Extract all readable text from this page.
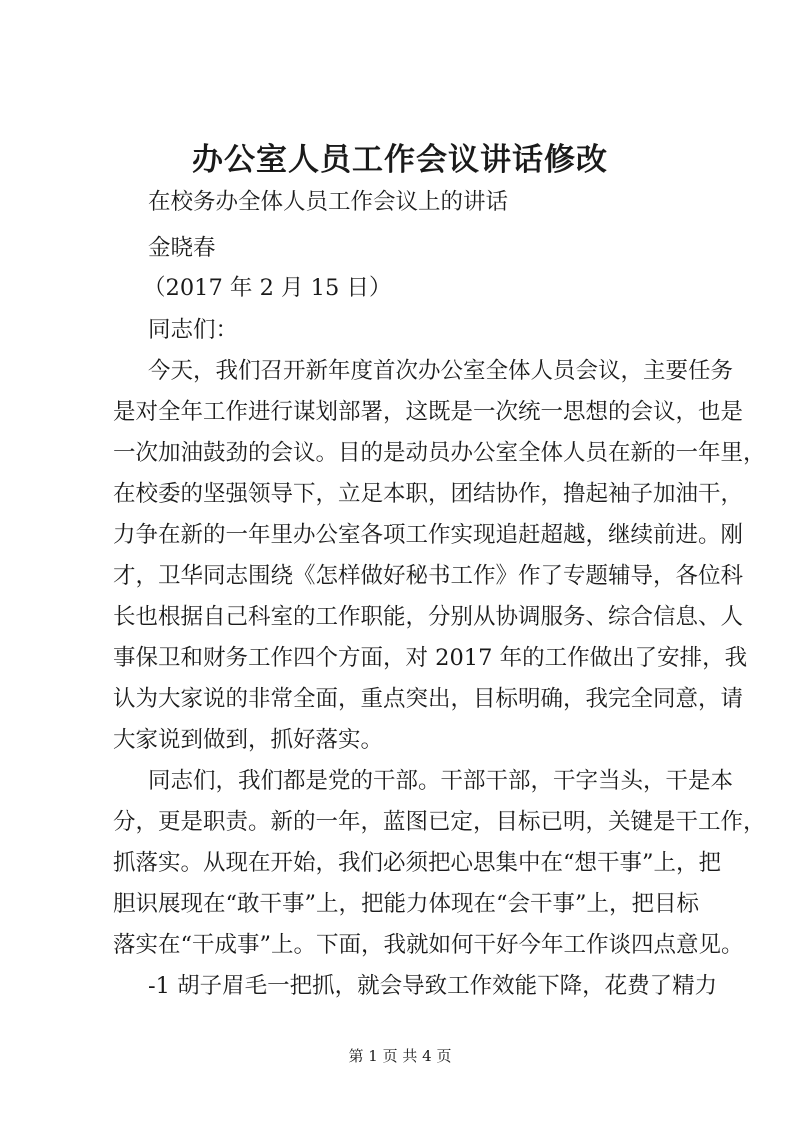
办公室人员工作会议讲话修改
在校务办全体人员工作会议上的讲话
金晓春
（2017 年 2 月 15 日）
同志们：
今天，我们召开新年度首次办公室全体人员会议，主要任务
是对全年工作进行谋划部署，这既是一次统一思想的会议，也是
一次加油鼓劲的会议。目的是动员办公室全体人员在新的一年里，
在校委的坚强领导下，立足本职，团结协作，撸起袖子加油干，
力争在新的一年里办公室各项工作实现追赶超越，继续前进。刚
才，卫华同志围绕《怎样做好秘书工作》作了专题辅导，各位科
长也根据自己科室的工作职能，分别从协调服务、综合信息、人
事保卫和财务工作四个方面，对 2017 年的工作做出了安排，我
认为大家说的非常全面，重点突出，目标明确，我完全同意，请
大家说到做到，抓好落实。
同志们，我们都是党的干部。干部干部，干字当头，干是本
分，更是职责。新的一年，蓝图已定，目标已明，关键是干工作，
抓落实。从现在开始，我们必须把心思集中在“想干事”上，把
胆识展现在“敢干事”上，把能力体现在“会干事”上，把目标
落实在“干成事”上。下面，我就如何干好今年工作谈四点意见。
-1 胡子眉毛一把抓，就会导致工作效能下降，花费了精力
第 1 页 共 4 页
